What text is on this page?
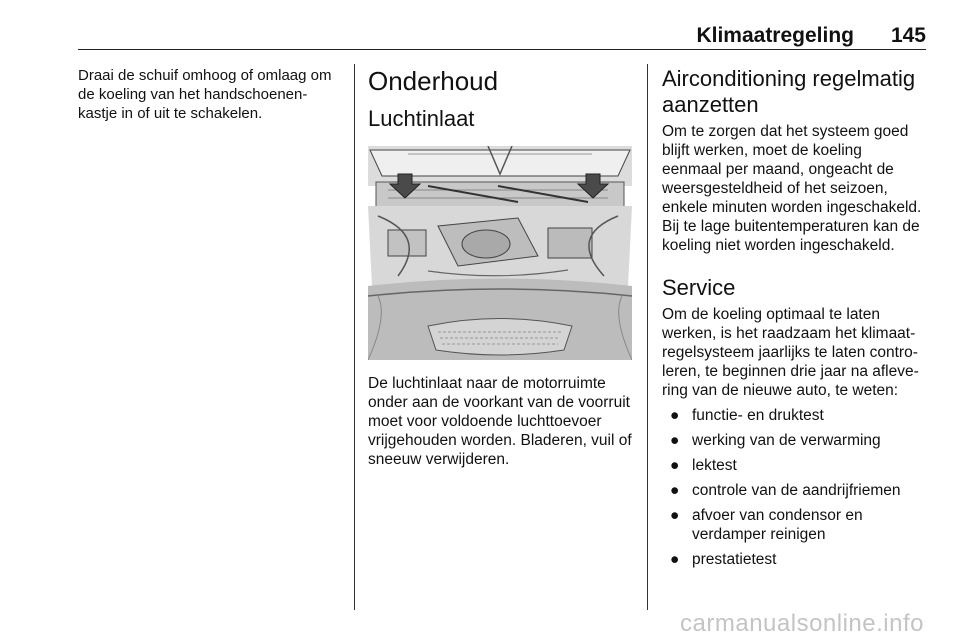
Klimaatregeling 145

Draai de schuif omhoog of omlaag om de koeling van het handschoenen kastje in of uit te schakelen.

Onderhoud
Luchtinlaat

De luchtinlaat naar de motorruimte onder aan de voorkant van de voorruit moet voor voldoende luchttoevoer vrijgehouden worden. Bladeren, vuil of sneeuw verwijderen.

Airconditioning regelmatig aanzetten

Om te zorgen dat het systeem goed blijft werken, moet de koeling eenmaal per maand, ongeacht de weersgesteldheid of het seizoen, enkele minuten worden ingeschakeld. Bij te lage buitentemperaturen kan de koeling niet worden ingeschakeld.

Service

Om de koeling optimaal te laten werken, is het raadzaam het klimaatregelsysteem jaarlijks te laten controleren, te beginnen drie jaar na aflevering van de nieuwe auto, te weten:

● functie- en druktest
● werking van de verwarming
● lektest
● controle van de aandrijfriemen
● afvoer van condensor en verdamper reinigen
● prestatietest
carmanualsonline.info
